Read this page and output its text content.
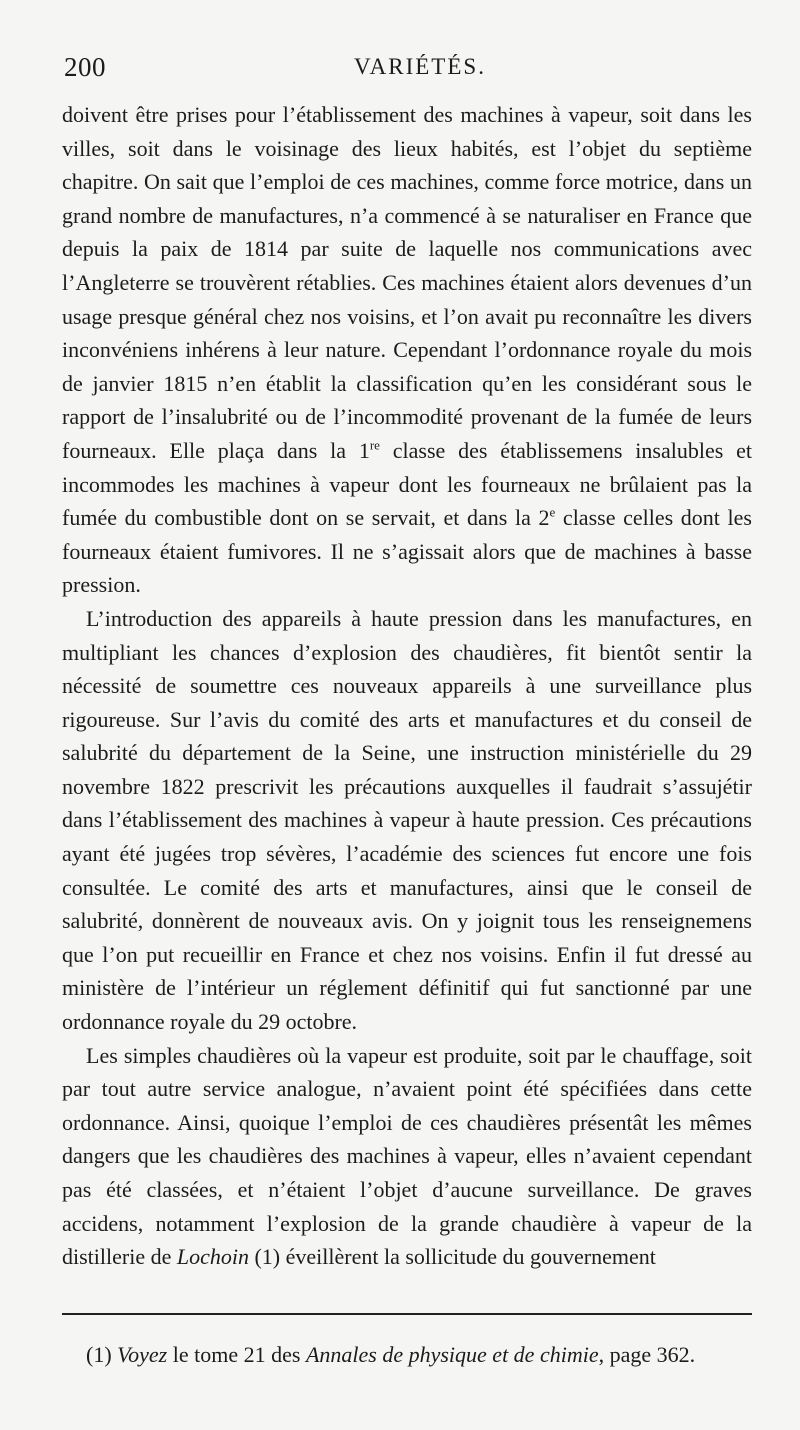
200	VARIÉTÉS.

doivent être prises pour l’établissement des machines à vapeur, soit dans les villes, soit dans le voisinage des lieux habités, est l’objet du septième chapitre. On sait que l’emploi de ces machines, comme force motrice, dans un grand nombre de manufactures, n’a commencé à se naturaliser en France que depuis la paix de 1814 par suite de laquelle nos communications avec l’Angleterre se trouvèrent rétablies. Ces machines étaient alors devenues d’un usage presque général chez nos voisins, et l’on avait pu reconnaître les divers inconvéniens inhérens à leur nature. Cependant l’ordonnance royale du mois de janvier 1815 n’en établit la classification qu’en les considérant sous le rapport de l’insalubrité ou de l’incommodité provenant de la fumée de leurs fourneaux. Elle plaça dans la 1re classe des établissemens insalubles et incommodes les machines à vapeur dont les fourneaux ne brûlaient pas la fumée du combustible dont on se servait, et dans la 2e classe celles dont les fourneaux étaient fumivores. Il ne s’agissait alors que de machines à basse pression.

L’introduction des appareils à haute pression dans les manufactures, en multipliant les chances d’explosion des chaudières, fit bientôt sentir la nécessité de soumettre ces nouveaux appareils à une surveillance plus rigoureuse. Sur l’avis du comité des arts et manufactures et du conseil de salubrité du département de la Seine, une instruction ministérielle du 29 novembre 1822 prescrivit les précautions auxquelles il faudrait s’assujétir dans l’établissement des machines à vapeur à haute pression. Ces précautions ayant été jugées trop sévères, l’académie des sciences fut encore une fois consultée. Le comité des arts et manufactures, ainsi que le conseil de salubrité, donnèrent de nouveaux avis. On y joignit tous les renseignemens que l’on put recueillir en France et chez nos voisins. Enfin il fut dressé au ministère de l’intérieur un réglement définitif qui fut sanctionné par une ordonnance royale du 29 octobre.

Les simples chaudières où la vapeur est produite, soit par le chauffage, soit par tout autre service analogue, n’avaient point été spécifiées dans cette ordonnance. Ainsi, quoique l’emploi de ces chaudières présentât les mêmes dangers que les chaudières des machines à vapeur, elles n’avaient cependant pas été classées, et n’étaient l’objet d’aucune surveillance. De graves accidens, notamment l’explosion de la grande chaudière à vapeur de la distillerie de Lochoin (1) éveillèrent la sollicitude du gouvernement

(1) Voyez le tome 21 des Annales de physique et de chimie, page 362.
